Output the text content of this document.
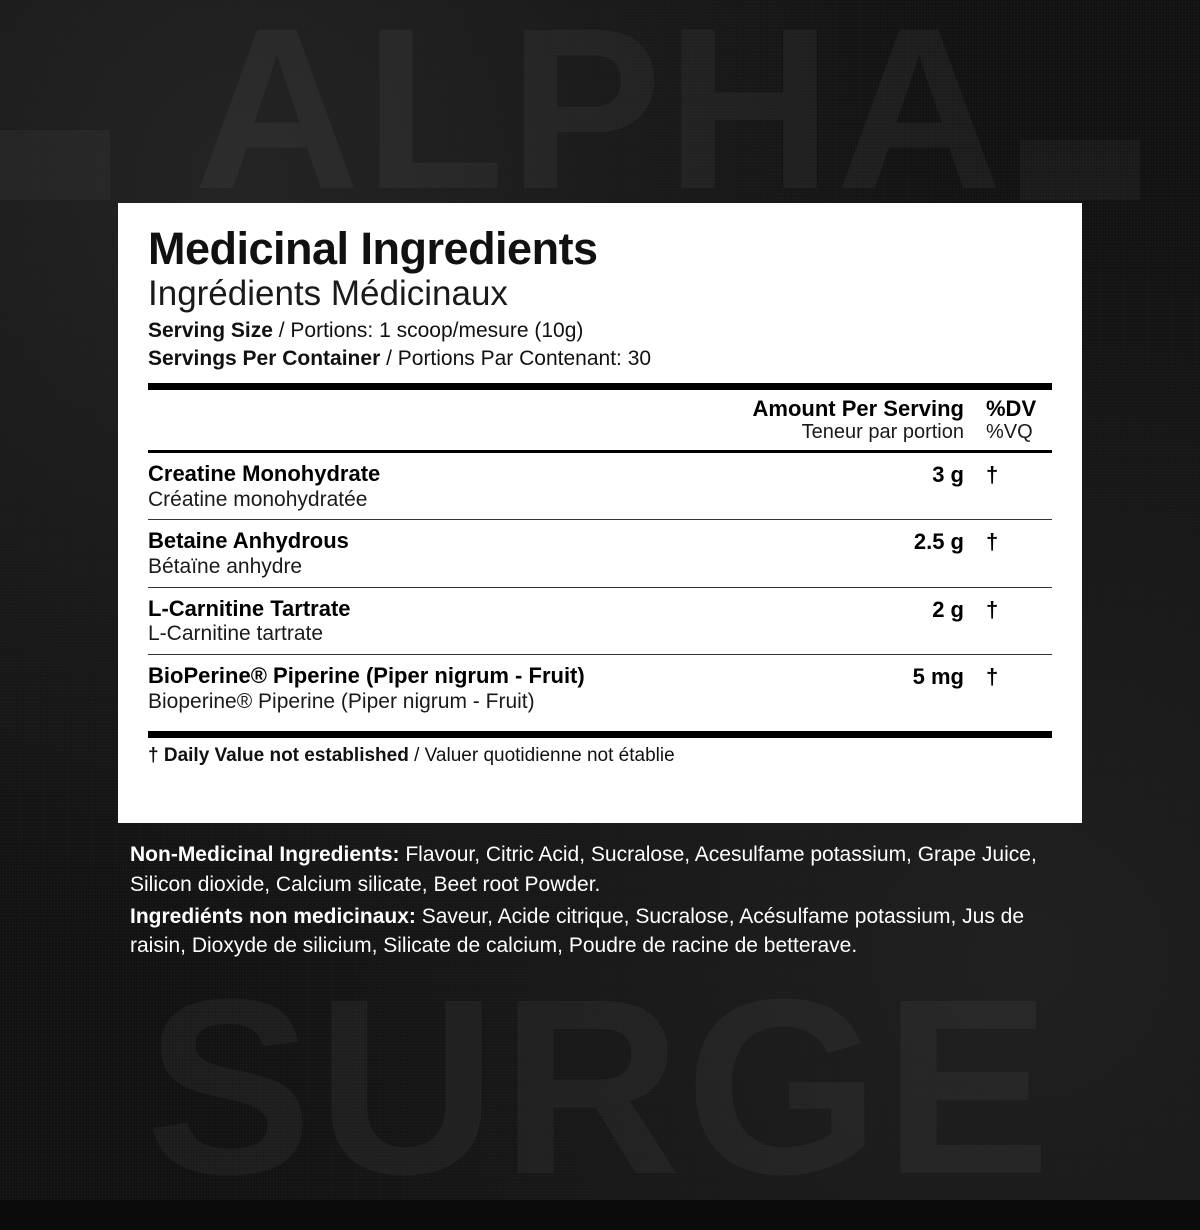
Medicinal Ingredients
Ingrédients Médicinaux
Serving Size / Portions: 1 scoop/mesure (10g)
Servings Per Container / Portions Par Contenant: 30
Amount Per Serving
Teneur par portion
%DV
%VQ
Creatine Monohydrate
Créatine monohydratée
3 g †
Betaine Anhydrous
Bétaïne anhydre
2.5 g †
L-Carnitine Tartrate
L-Carnitine tartrate
2 g †
BioPerine® Piperine (Piper nigrum - Fruit)
Bioperine® Piperine (Piper nigrum - Fruit)
5 mg †
† Daily Value not established / Valuer quotidienne not établie

Non-Medicinal Ingredients: Flavour, Citric Acid, Sucralose, Acesulfame potassium, Grape Juice, Silicon dioxide, Calcium silicate, Beet root Powder.

Ingrediénts non medicinaux: Saveur, Acide citrique, Sucralose, Acésulfame potassium, Jus de raisin, Dioxyde de silicium, Silicate de calcium, Poudre de racine de betterave.
